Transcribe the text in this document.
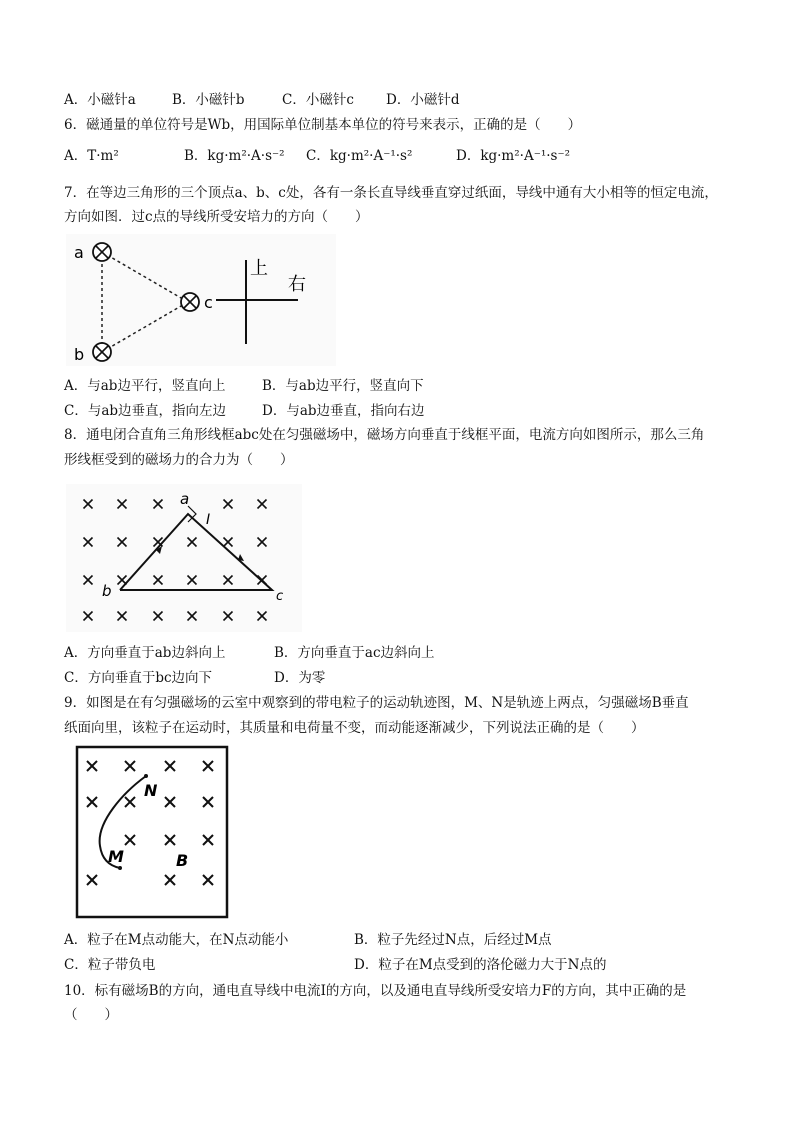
A．小磁针a	B．小磁针b	C．小磁针c D．小磁针d
6．磁通量的单位符号是Wb，用国际单位制基本单位的符号来表示，正确的是（　　）
A．T·m²	B．kg·m²·A·s⁻² C．kg·m²·A⁻¹·s²	D．kg·m²·A⁻¹·s⁻²
7．在等边三角形的三个顶点a、b、c处，各有一条长直导线垂直穿过纸面，导线中通有大小相等的恒定电流，
方向如图．过c点的导线所受安培力的方向（　　）
a
b
c
上
右
A．与ab边平行，竖直向上	B．与ab边平行，竖直向下
C．与ab边垂直，指向左边	D．与ab边垂直，指向右边
8．通电闭合直角三角形线框abc处在匀强磁场中，磁场方向垂直于线框平面，电流方向如图所示，那么三角
形线框受到的磁场力的合力为（　　）
a
I
b	c
A．方向垂直于ab边斜向上	B．方向垂直于ac边斜向上
C．方向垂直于bc边向下	D．为零
9．如图是在有匀强磁场的云室中观察到的带电粒子的运动轨迹图，M、N是轨迹上两点，匀强磁场B垂直
纸面向里，该粒子在运动时，其质量和电荷量不变，而动能逐渐减少，下列说法正确的是（　　）
N
M	B
A．粒子在M点动能大，在N点动能小	B．粒子先经过N点，后经过M点
C．粒子带负电	D．粒子在M点受到的洛伦磁力大于N点的
10．标有磁场B的方向，通电直导线中电流I的方向，以及通电直导线所受安培力F的方向，其中正确的是
（　　）
